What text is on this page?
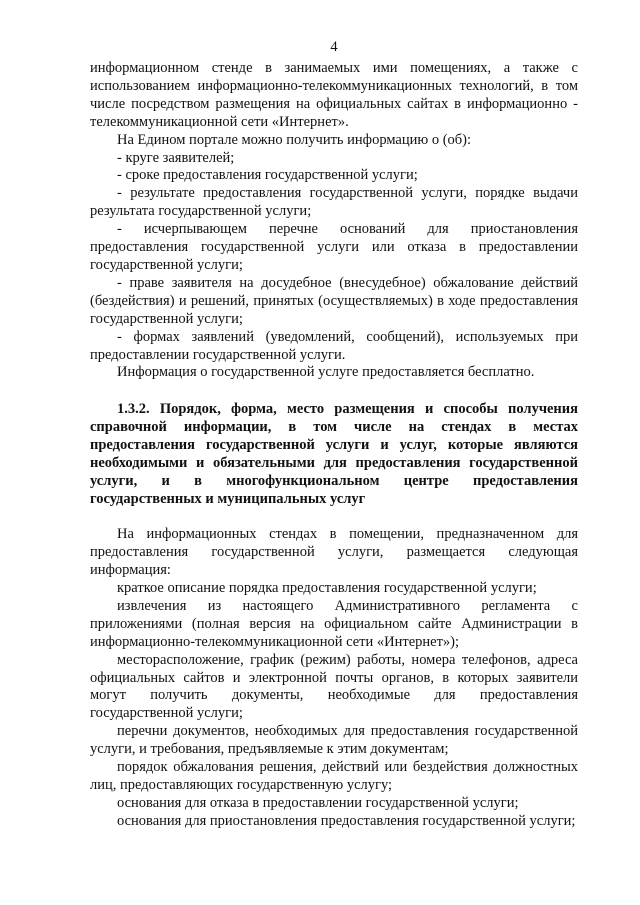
4

информационном стенде в занимаемых ими помещениях, а также с использованием информационно-телекоммуникационных технологий, в том числе посредством размещения на официальных сайтах в информационно - телекоммуникационной сети «Интернет».

На Едином портале можно получить информацию о (об):

- круге заявителей;

- сроке предоставления государственной услуги;

- результате предоставления государственной услуги, порядке выдачи результата государственной услуги;

- исчерпывающем перечне оснований для приостановления предоставления государственной услуги или отказа в предоставлении государственной услуги;

- праве заявителя на досудебное (внесудебное) обжалование действий (бездействия) и решений, принятых (осуществляемых) в ходе предоставления государственной услуги;

- формах заявлений (уведомлений, сообщений), используемых при предоставлении государственной услуги.

Информация о государственной услуге предоставляется бесплатно.

1.3.2. Порядок, форма, место размещения и способы получения справочной информации, в том числе на стендах в местах предоставления государственной услуги и услуг, которые являются необходимыми и обязательными для предоставления государственной услуги, и в многофункциональном центре предоставления государственных и муниципальных услуг

На информационных стендах в помещении, предназначенном для предоставления государственной услуги, размещается следующая информация:

краткое описание порядка предоставления государственной услуги;

извлечения из настоящего Административного регламента с приложениями (полная версия на официальном сайте Администрации в информационно-телекоммуникационной сети «Интернет»);

месторасположение, график (режим) работы, номера телефонов, адреса официальных сайтов и электронной почты органов, в которых заявители могут получить документы, необходимые для предоставления государственной услуги;

перечни документов, необходимых для предоставления государственной услуги, и требования, предъявляемые к этим документам;

порядок обжалования решения, действий или бездействия должностных лиц, предоставляющих государственную услугу;

основания для отказа в предоставлении государственной услуги;

основания для приостановления предоставления государственной услуги;
